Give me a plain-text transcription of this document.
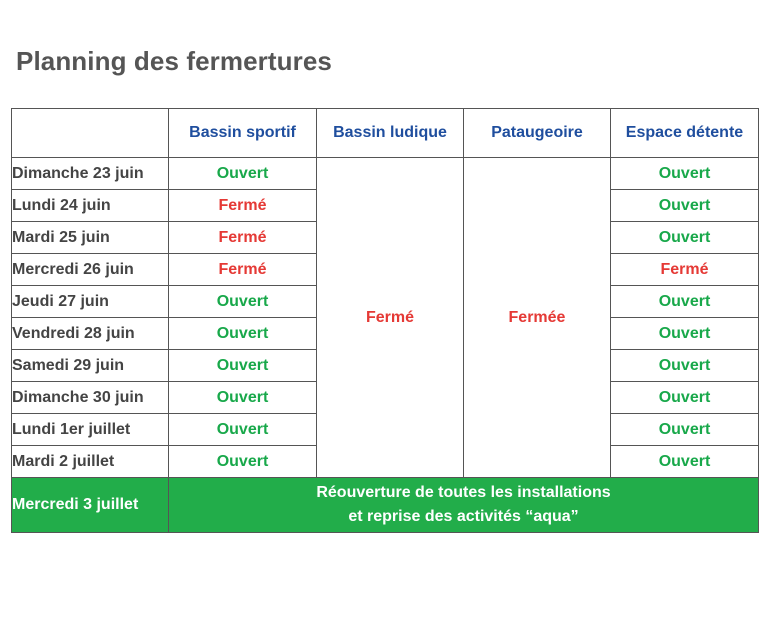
Planning des fermertures
	Bassin sportif	Bassin ludique	Pataugeoire	Espace détente
Dimanche 23 juin	Ouvert	Fermé	Fermée	Ouvert
Lundi 24 juin	Fermé			Ouvert
Mardi 25 juin	Fermé			Ouvert
Mercredi 26 juin	Fermé			Fermé
Jeudi 27 juin	Ouvert			Ouvert
Vendredi 28 juin	Ouvert			Ouvert
Samedi 29 juin	Ouvert			Ouvert
Dimanche 30 juin	Ouvert			Ouvert
Lundi 1er juillet	Ouvert			Ouvert
Mardi 2 juillet	Ouvert			Ouvert
Mercredi 3 juillet	Réouverture de toutes les installations
et reprise des activités “aqua”			
